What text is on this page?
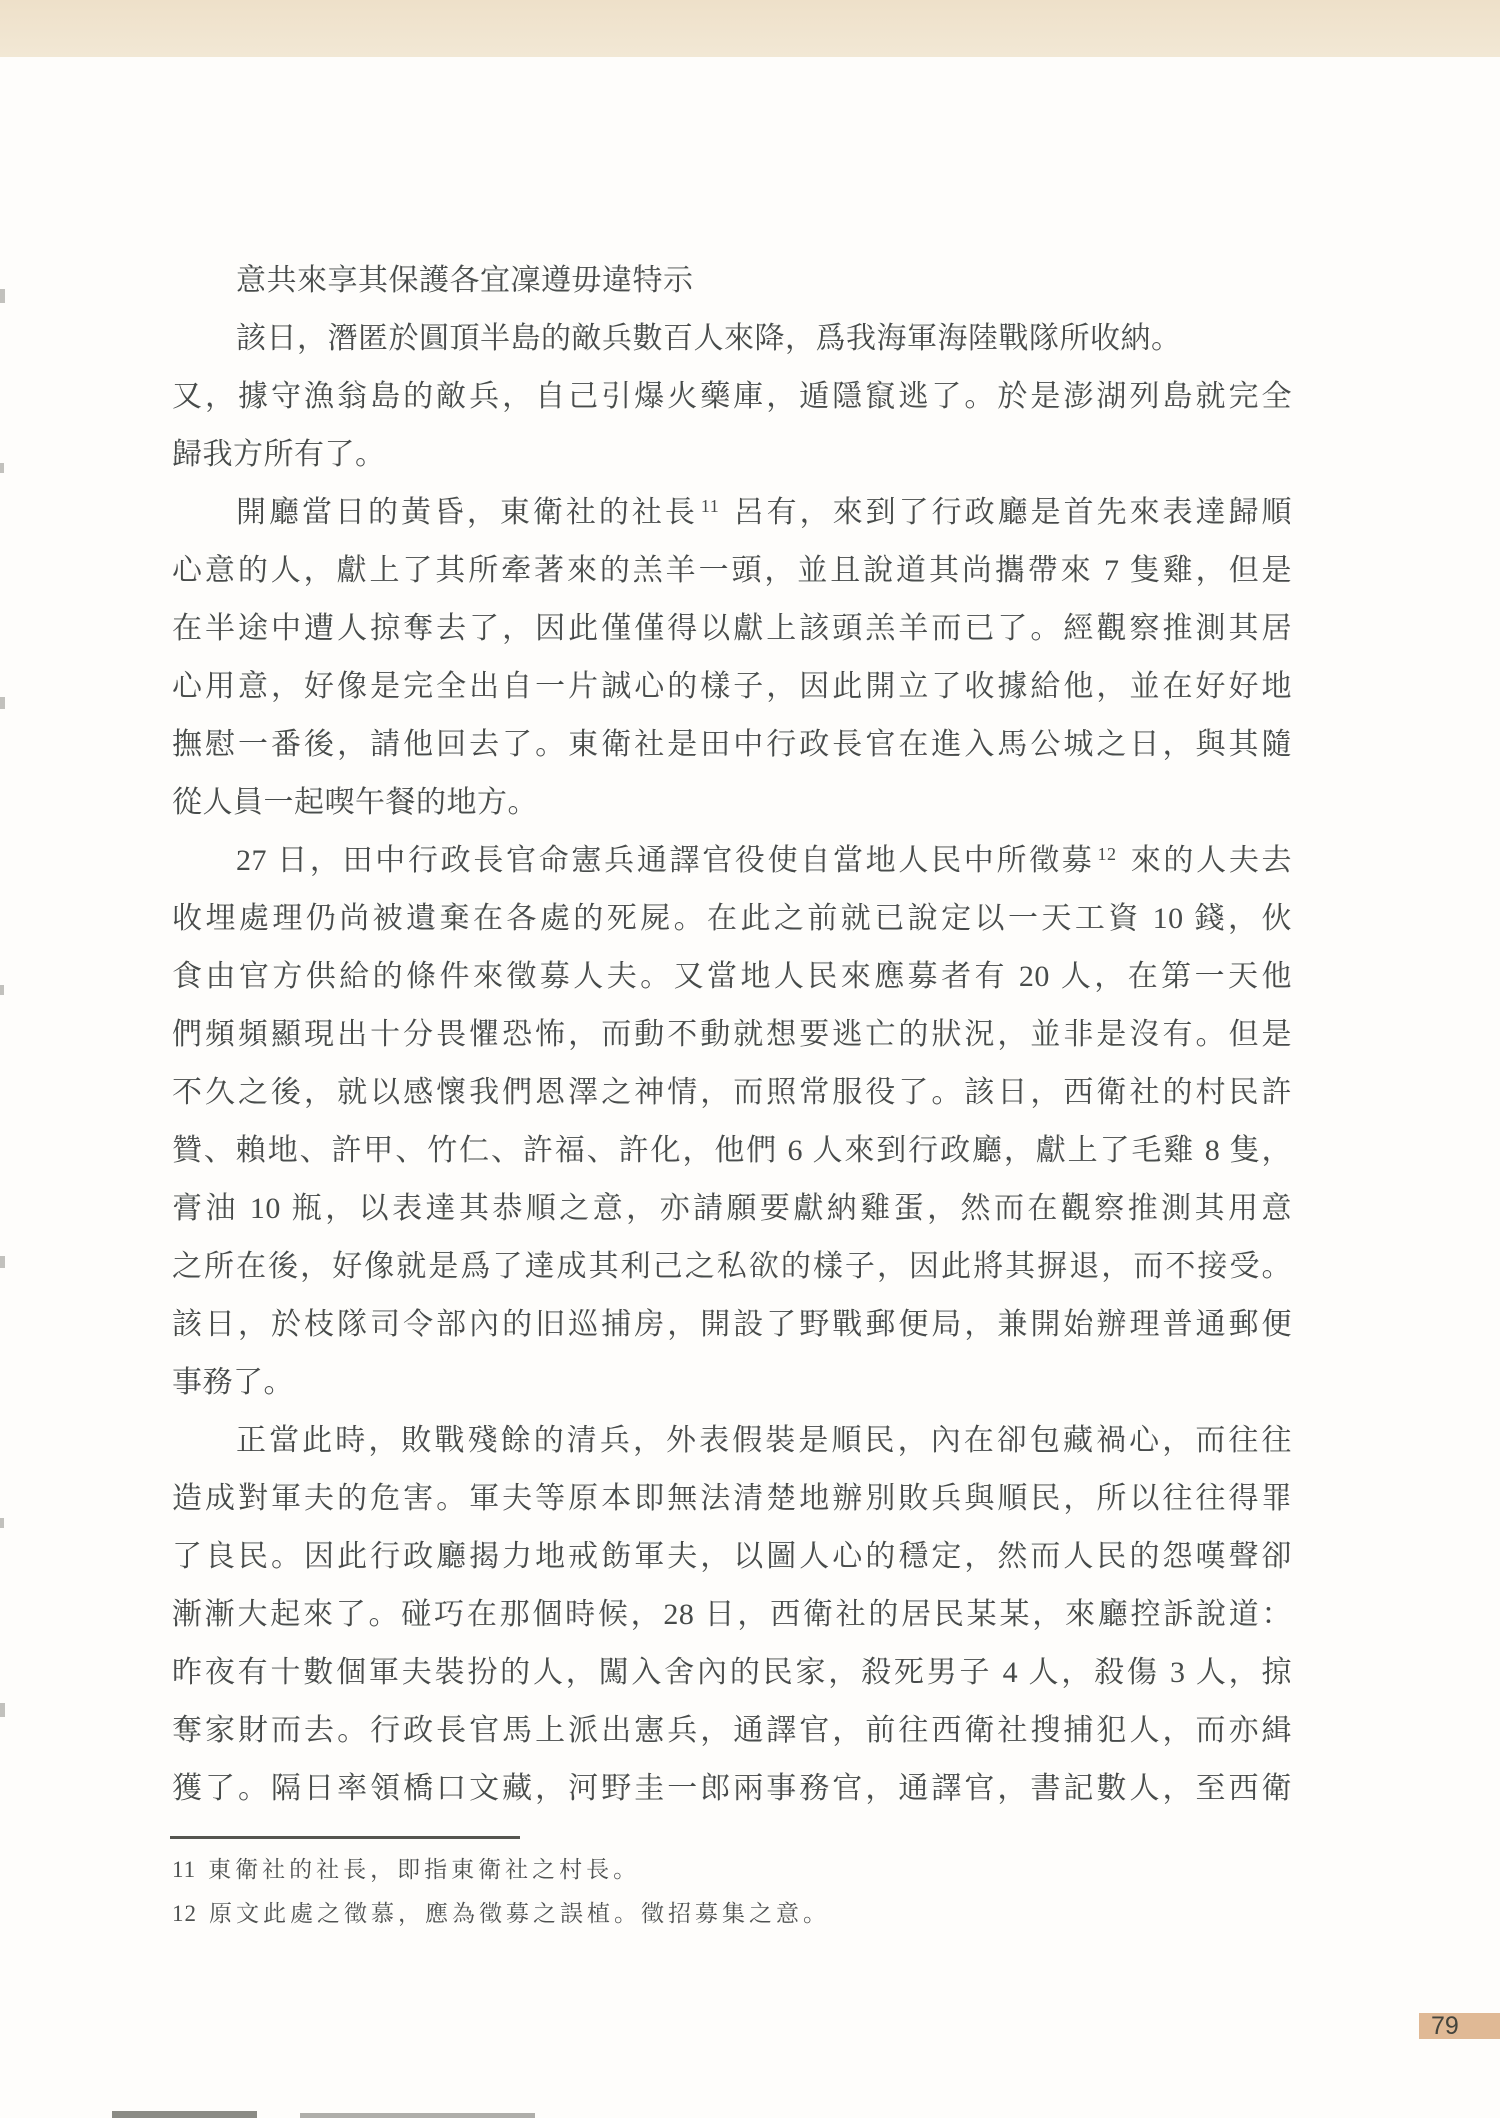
意共來享其保護各宜凜遵毋違特示
該日，潛匿於圓頂半島的敵兵數百人來降，爲我海軍海陸戰隊所收納。
又，據守漁翁島的敵兵，自己引爆火藥庫，遁隱竄逃了。於是澎湖列島就完全
歸我方所有了。
開廳當日的黃昏，東衛社的社長 $^{11}$ 呂有，來到了行政廳是首先來表達歸順
心意的人，獻上了其所牽著來的羔羊一頭，並且說道其尚攜帶來 7 隻雞，但是
在半途中遭人掠奪去了，因此僅僅得以獻上該頭羔羊而已了。經觀察推測其居
心用意，好像是完全出自一片誠心的樣子，因此開立了收據給他，並在好好地
撫慰一番後，請他回去了。東衛社是田中行政長官在進入馬公城之日，與其隨
從人員一起喫午餐的地方。
27 日，田中行政長官命憲兵通譯官役使自當地人民中所徵募 $^{12}$ 來的人夫去
收埋處理仍尚被遺棄在各處的死屍。在此之前就已說定以一天工資 10 錢，伙
食由官方供給的條件來徵募人夫。又當地人民來應募者有 20 人，在第一天他
們頻頻顯現出十分畏懼恐怖，而動不動就想要逃亡的狀況，並非是沒有。但是
不久之後，就以感懷我們恩澤之神情，而照常服役了。該日，西衛社的村民許
贊、賴地、許甲、竹仁、許福、許化，他們 6 人來到行政廳，獻上了毛雞 8 隻，
膏油 10 瓶，以表達其恭順之意，亦請願要獻納雞蛋，然而在觀察推測其用意
之所在後，好像就是爲了達成其利己之私欲的樣子，因此將其摒退，而不接受。
該日，於枝隊司令部內的旧巡捕房，開設了野戰郵便局，兼開始辦理普通郵便
事務了。
正當此時，敗戰殘餘的清兵，外表假裝是順民，內在卻包藏禍心，而往往
造成對軍夫的危害。軍夫等原本即無法清楚地辦別敗兵與順民，所以往往得罪
了良民。因此行政廳揭力地戒飭軍夫，以圖人心的穩定，然而人民的怨嘆聲卻
漸漸大起來了。碰巧在那個時候，28 日，西衛社的居民某某，來廳控訴說道：
昨夜有十數個軍夫裝扮的人，闖入舍內的民家，殺死男子 4 人，殺傷 3 人，掠
奪家財而去。行政長官馬上派出憲兵，通譯官，前往西衛社搜捕犯人，而亦緝
獲了。隔日率領橋口文藏，河野圭一郎兩事務官，通譯官，書記數人，至西衛
11 東衛社的社長，即指東衛社之村長。
12 原文此處之徵慕，應為徵募之誤植。徵招募集之意。
79
